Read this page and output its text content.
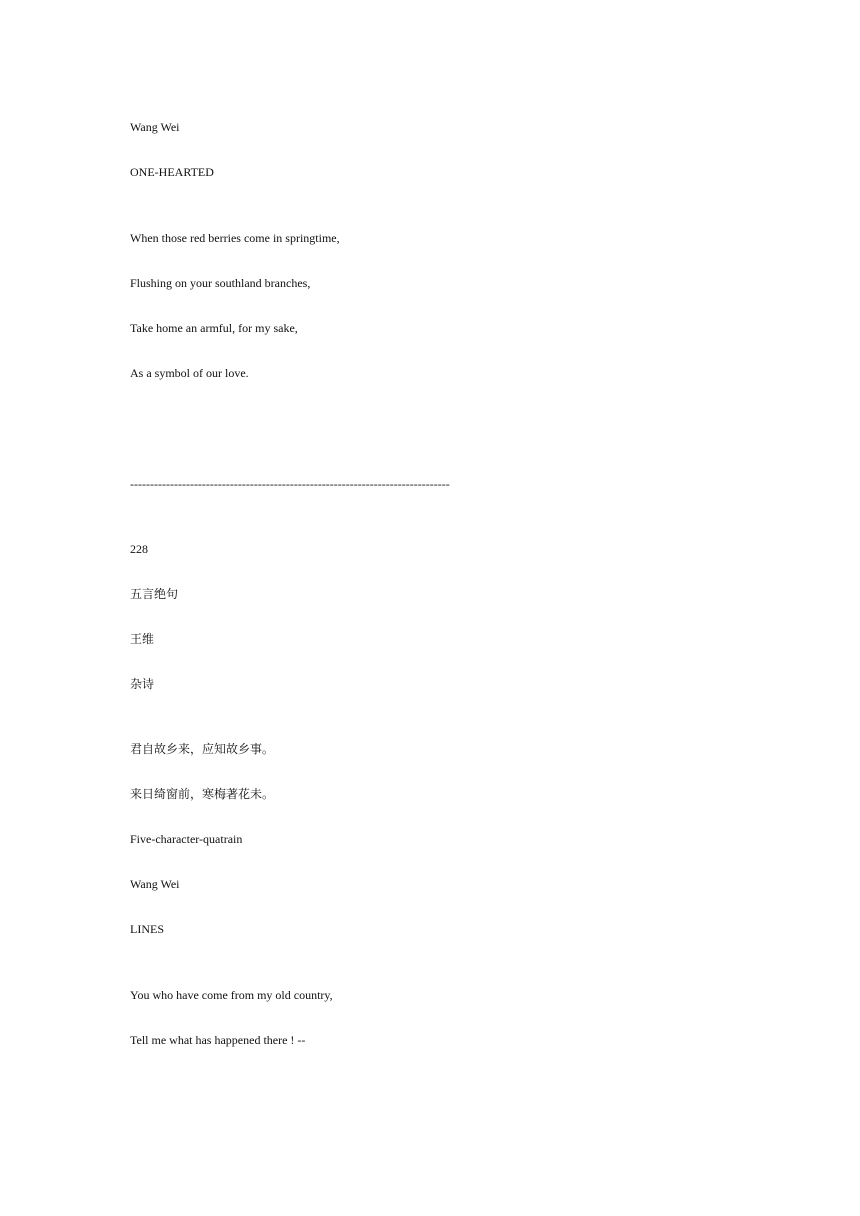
Wang Wei
ONE-HEARTED
When those red berries come in springtime,
Flushing on your southland branches,
Take home an armful, for my sake,
As a symbol of our love.
--------------------------------------------------------------------------------
228
五言绝句
王维
杂诗
君自故乡来，应知故乡事。
来日绮窗前，寒梅著花未。
Five-character-quatrain
Wang Wei
LINES
You who have come from my old country,
Tell me what has happened there ! --
